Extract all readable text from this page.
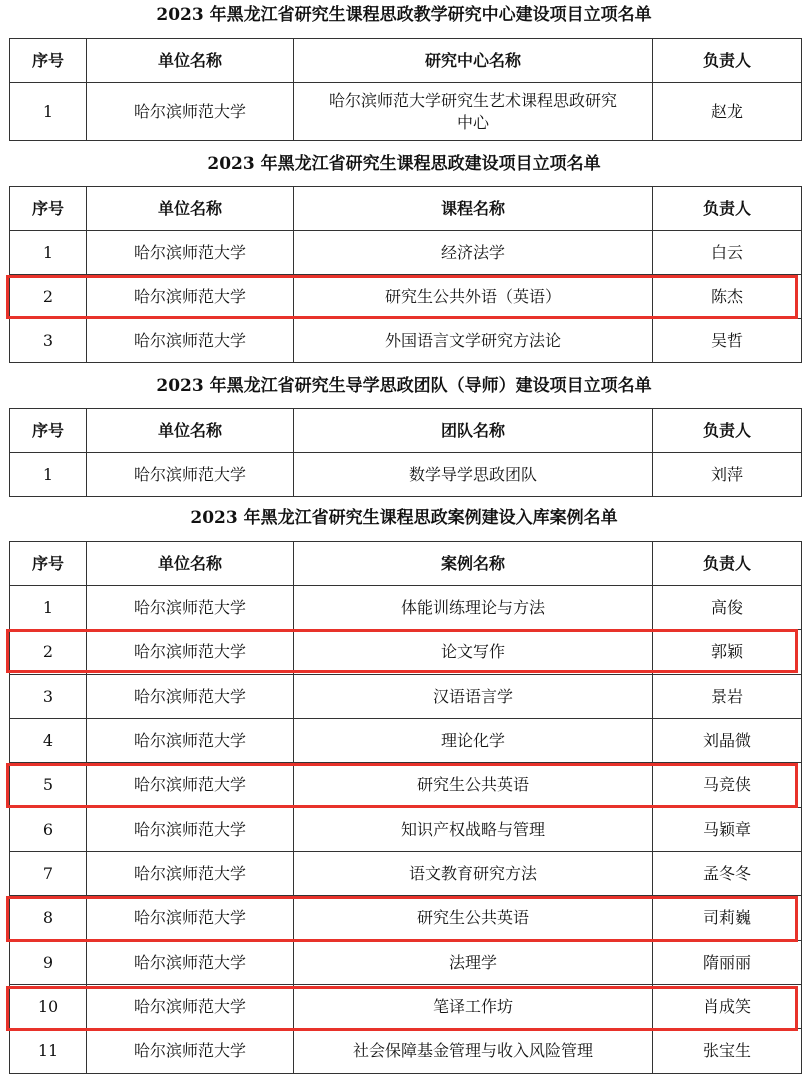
2023 年黑龙江省研究生课程思政教学研究中心建设项目立项名单
序号	单位名称	研究中心名称	负责人
1	哈尔滨师范大学	哈尔滨师范大学研究生艺术课程思政研究中心	赵龙
2023 年黑龙江省研究生课程思政建设项目立项名单
序号	单位名称	课程名称	负责人
1	哈尔滨师范大学	经济法学	白云
2	哈尔滨师范大学	研究生公共外语（英语）	陈杰
3	哈尔滨师范大学	外国语言文学研究方法论	吴哲
2023 年黑龙江省研究生导学思政团队（导师）建设项目立项名单
序号	单位名称	团队名称	负责人
1	哈尔滨师范大学	数学导学思政团队	刘萍
2023 年黑龙江省研究生课程思政案例建设入库案例名单
序号	单位名称	案例名称	负责人
1	哈尔滨师范大学	体能训练理论与方法	高俊
2	哈尔滨师范大学	论文写作	郭颖
3	哈尔滨师范大学	汉语语言学	景岩
4	哈尔滨师范大学	理论化学	刘晶微
5	哈尔滨师范大学	研究生公共英语	马竞侠
6	哈尔滨师范大学	知识产权战略与管理	马颖章
7	哈尔滨师范大学	语文教育研究方法	孟冬冬
8	哈尔滨师范大学	研究生公共英语	司莉巍
9	哈尔滨师范大学	法理学	隋丽丽
10	哈尔滨师范大学	笔译工作坊	肖成笑
11	哈尔滨师范大学	社会保障基金管理与收入风险管理	张宝生
